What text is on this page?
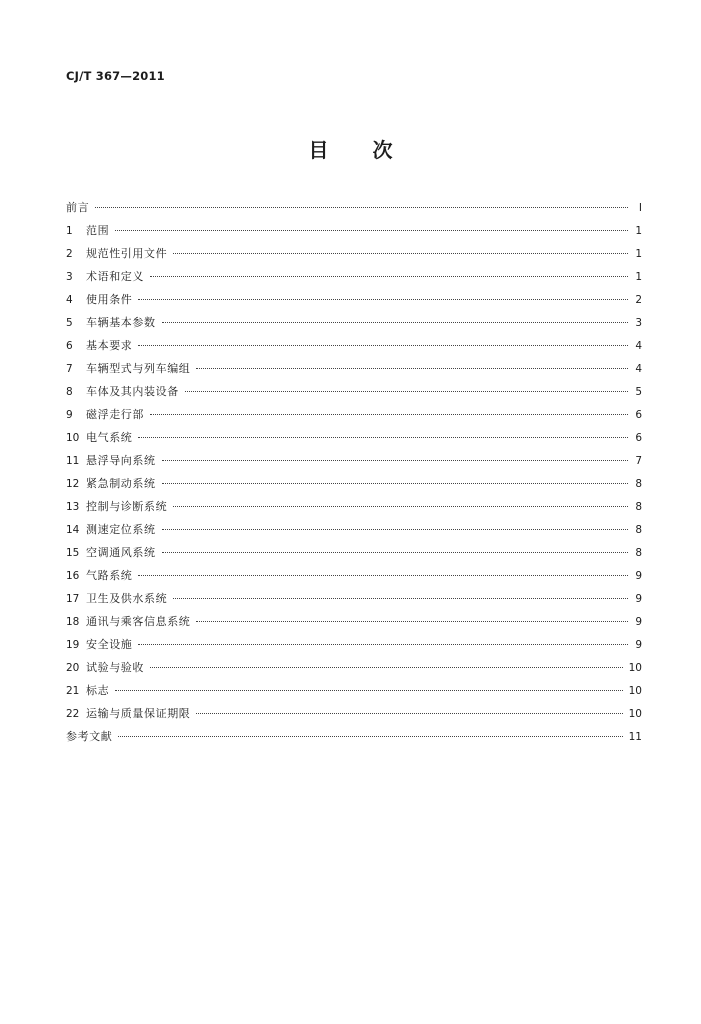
CJ/T 367—2011
目 次
前言	Ⅰ
1	范围	1
2	规范性引用文件	1
3	术语和定义	1
4	使用条件	2
5	车辆基本参数	3
6	基本要求	4
7	车辆型式与列车编组	4
8	车体及其内装设备	5
9	磁浮走行部	6
10 电气系统	6
11 悬浮导向系统	7
12 紧急制动系统	8
13 控制与诊断系统	8
14 测速定位系统	8
15 空调通风系统	8
16 气路系统	9
17 卫生及供水系统	9
18 通讯与乘客信息系统	9
19 安全设施	9
20 试验与验收	10
21 标志	10
22 运输与质量保证期限	10
参考文献	11
